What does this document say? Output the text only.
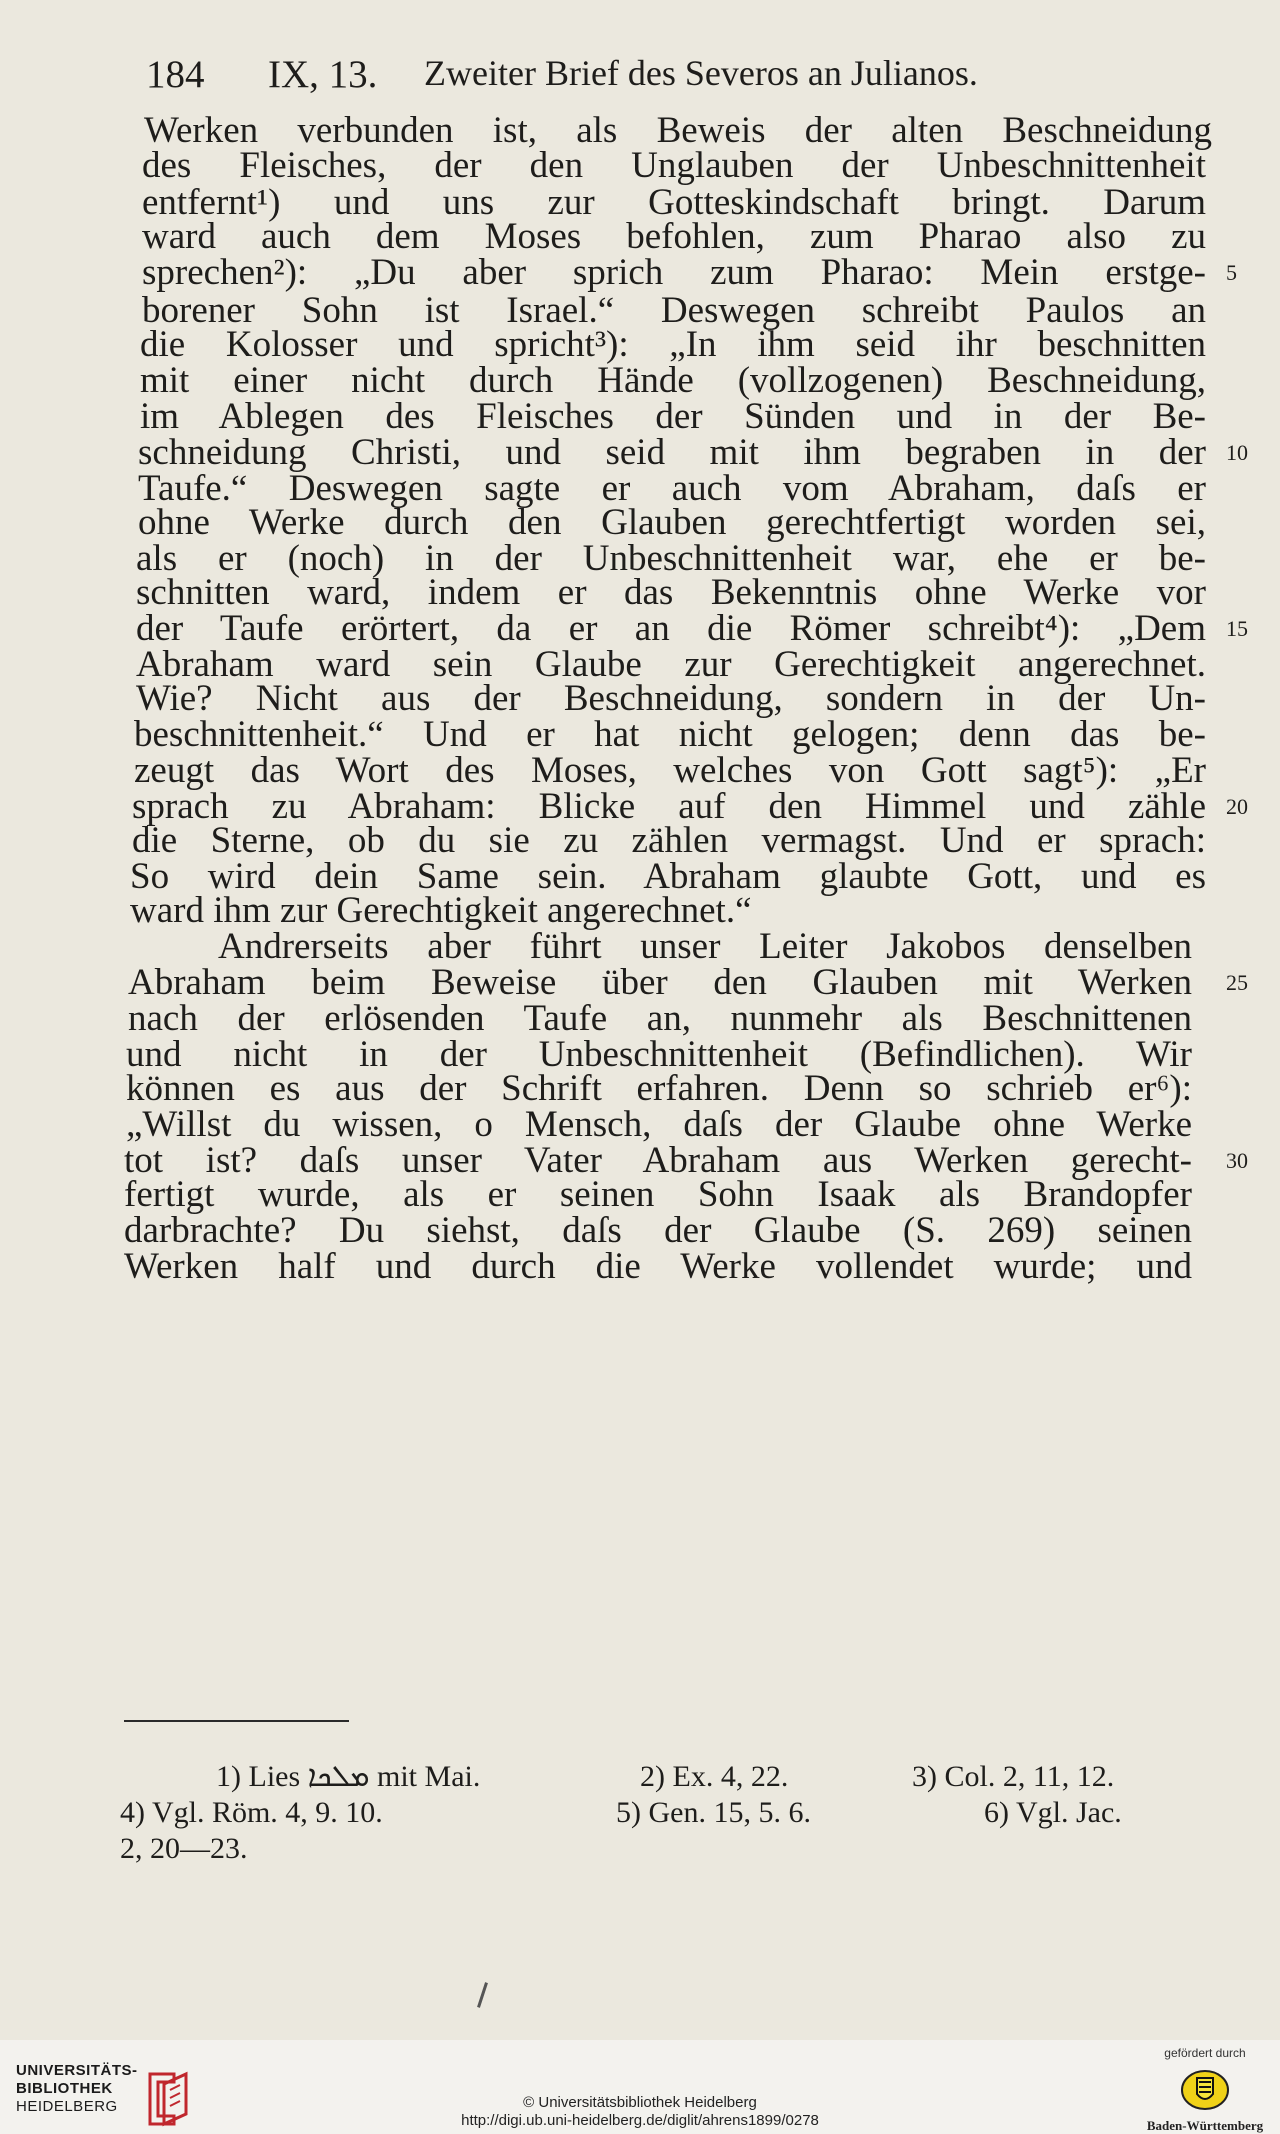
184 IX, 13. Zweiter Brief des Severos an Julianos.
Werken verbunden ist, als Beweis der alten Beschneidung
des Fleisches, der den Unglauben der Unbeschnittenheit
entfernt¹) und uns zur Gotteskindschaft bringt. Darum
ward auch dem Moses befohlen, zum Pharao also zu
sprechen²): „Du aber sprich zum Pharao: Mein erstge- 5
borener Sohn ist Israel.“ Deswegen schreibt Paulos an
die Kolosser und spricht³): „In ihm seid ihr beschnitten
mit einer nicht durch Hände (vollzogenen) Beschneidung,
im Ablegen des Fleisches der Sünden und in der Be-
schneidung Christi, und seid mit ihm begraben in der 10
Taufe.“ Deswegen sagte er auch vom Abraham, daſs er
ohne Werke durch den Glauben gerechtfertigt worden sei,
als er (noch) in der Unbeschnittenheit war, ehe er be-
schnitten ward, indem er das Bekenntnis ohne Werke vor
der Taufe erörtert, da er an die Römer schreibt⁴): „Dem 15
Abraham ward sein Glaube zur Gerechtigkeit angerechnet.
Wie? Nicht aus der Beschneidung, sondern in der Un-
beschnittenheit.“ Und er hat nicht gelogen; denn das be-
zeugt das Wort des Moses, welches von Gott sagt⁵): „Er
sprach zu Abraham: Blicke auf den Himmel und zähle 20
die Sterne, ob du sie zu zählen vermagst. Und er sprach:
So wird dein Same sein. Abraham glaubte Gott, und es
ward ihm zur Gerechtigkeit angerechnet.“
Andrerseits aber führt unser Leiter Jakobos denselben
Abraham beim Beweise über den Glauben mit Werken 25
nach der erlösenden Taufe an, nunmehr als Beschnittenen
und nicht in der Unbeschnittenheit (Befindlichen). Wir
können es aus der Schrift erfahren. Denn so schrieb er⁶):
„Willst du wissen, o Mensch, daſs der Glaube ohne Werke
tot ist? daſs unser Vater Abraham aus Werken gerecht- 30
fertigt wurde, als er seinen Sohn Isaak als Brandopfer
darbrachte? Du siehst, daſs der Glaube (S. 269) seinen
Werken half und durch die Werke vollendet wurde; und
1) Lies ܡܠܟܐ mit Mai.	2) Ex. 4, 22.	3) Col. 2, 11, 12.
4) Vgl. Röm. 4, 9. 10.	5) Gen. 15, 5. 6.	6) Vgl. Jac.
2, 20—23.
UNIVERSITÄTS-
BIBLIOTHEK
HEIDELBERG	© Universitätsbibliothek Heidelberg
http://digi.ub.uni-heidelberg.de/diglit/ahrens1899/0278
gefördert durch
Baden-Württemberg
